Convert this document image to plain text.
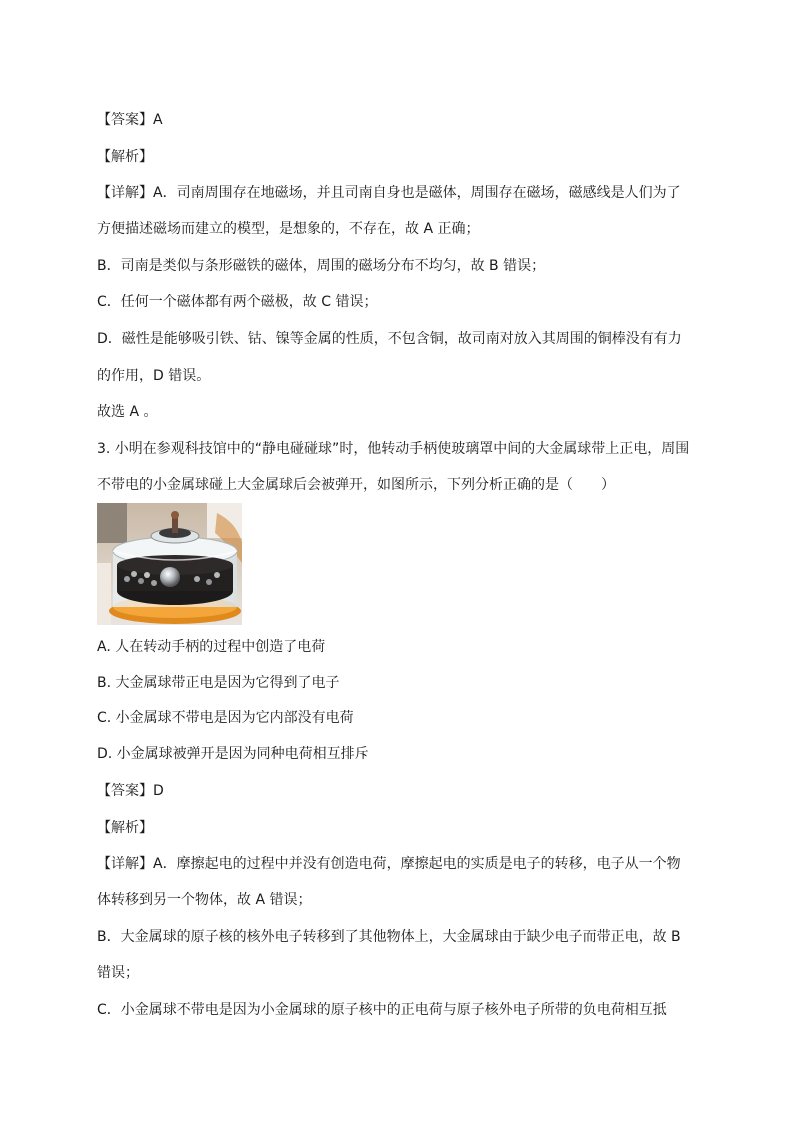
【答案】A
【解析】
【详解】A．司南周围存在地磁场，并且司南自身也是磁体，周围存在磁场，磁感线是人们为了
方便描述磁场而建立的模型，是想象的，不存在，故 A 正确；
B．司南是类似与条形磁铁的磁体，周围的磁场分布不均匀，故 B 错误；
C．任何一个磁体都有两个磁极，故 C 错误；
D．磁性是能够吸引铁、钴、镍等金属的性质，不包含铜，故司南对放入其周围的铜棒没有有力
的作用，D 错误。
故选 A 。
3. 小明在参观科技馆中的“静电碰碰球”时，他转动手柄使玻璃罩中间的大金属球带上正电，周围
不带电的小金属球碰上大金属球后会被弹开，如图所示，下列分析正确的是（　　）
A. 人在转动手柄的过程中创造了电荷
B. 大金属球带正电是因为它得到了电子
C. 小金属球不带电是因为它内部没有电荷
D. 小金属球被弹开是因为同种电荷相互排斥
【答案】D
【解析】
【详解】A．摩擦起电的过程中并没有创造电荷，摩擦起电的实质是电子的转移，电子从一个物
体转移到另一个物体，故 A 错误；
B．大金属球的原子核的核外电子转移到了其他物体上，大金属球由于缺少电子而带正电，故 B
错误；
C．小金属球不带电是因为小金属球的原子核中的正电荷与原子核外电子所带的负电荷相互抵
